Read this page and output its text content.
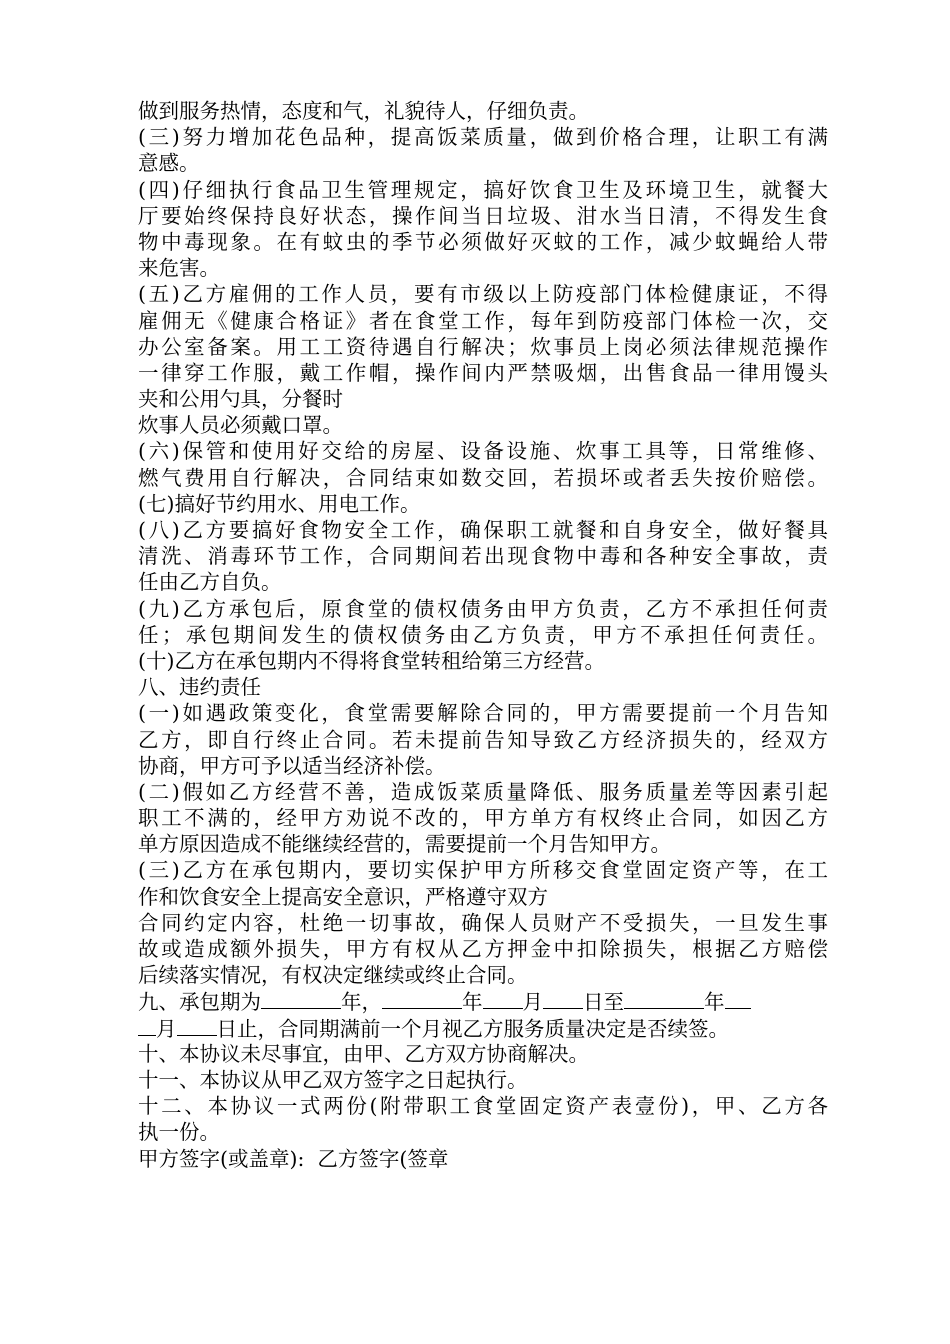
做到服务热情，态度和气，礼貌待人，仔细负责。
(三)努力增加花色品种，提高饭菜质量，做到价格合理，让职工有满
意感。
(四)仔细执行食品卫生管理规定，搞好饮食卫生及环境卫生，就餐大
厅要始终保持良好状态，操作间当日垃圾、泔水当日清，不得发生食
物中毒现象。在有蚊虫的季节必须做好灭蚊的工作，减少蚊蝇给人带
来危害。
(五)乙方雇佣的工作人员，要有市级以上防疫部门体检健康证，不得
雇佣无《健康合格证》者在食堂工作，每年到防疫部门体检一次，交
办公室备案。用工工资待遇自行解决；炊事员上岗必须法律规范操作
一律穿工作服，戴工作帽，操作间内严禁吸烟，出售食品一律用馒头
夹和公用勺具，分餐时
炊事人员必须戴口罩。
(六)保管和使用好交给的房屋、设备设施、炊事工具等，日常维修、
燃气费用自行解决，合同结束如数交回，若损坏或者丢失按价赔偿。
(七)搞好节约用水、用电工作。
(八)乙方要搞好食物安全工作，确保职工就餐和自身安全，做好餐具
清洗、消毒环节工作，合同期间若出现食物中毒和各种安全事故，责
任由乙方自负。
(九)乙方承包后，原食堂的债权债务由甲方负责，乙方不承担任何责
任；承包期间发生的债权债务由乙方负责，甲方不承担任何责任。
(十)乙方在承包期内不得将食堂转租给第三方经营。
八、违约责任
(一)如遇政策变化，食堂需要解除合同的，甲方需要提前一个月告知
乙方，即自行终止合同。若未提前告知导致乙方经济损失的，经双方
协商，甲方可予以适当经济补偿。
(二)假如乙方经营不善，造成饭菜质量降低、服务质量差等因素引起
职工不满的，经甲方劝说不改的，甲方单方有权终止合同，如因乙方
单方原因造成不能继续经营的，需要提前一个月告知甲方。
(三)乙方在承包期内，要切实保护甲方所移交食堂固定资产等，在工
作和饮食安全上提高安全意识，严格遵守双方
合同约定内容，杜绝一切事故，确保人员财产不受损失，一旦发生事
故或造成额外损失，甲方有权从乙方押金中扣除损失，根据乙方赔偿
后续落实情况，有权决定继续或终止合同。
九、承包期为	年，	年 月 日至	年
月 日止，合同期满前一个月视乙方服务质量决定是否续签。
十、本协议未尽事宜，由甲、乙方双方协商解决。
十一、本协议从甲乙双方签字之日起执行。
十二、本协议一式两份(附带职工食堂固定资产表壹份)，甲、乙方各
执一份。
甲方签字(或盖章):  乙方签字(签章
